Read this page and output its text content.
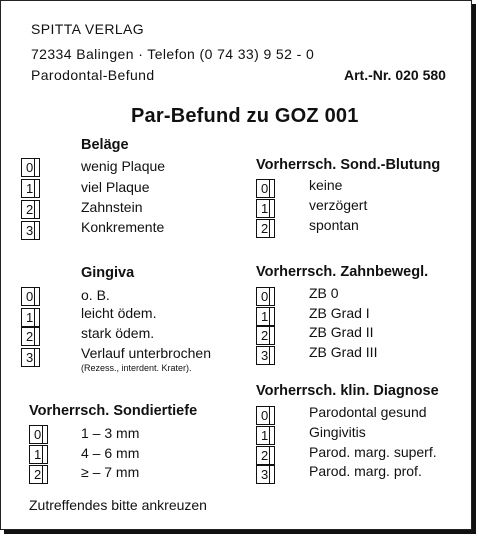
SPITTA VERLAG
72334 Balingen · Telefon (0 74 33) 9 52 - 0
Parodontal-Befund	Art.-Nr. 020 580
Par-Befund zu GOZ 001
Beläge
0	wenig Plaque
1	viel Plaque
2	Zahnstein
3	Konkremente
Gingiva
0	o. B.
1	leicht ödem.
2	stark ödem.
3	Verlauf unterbrochen
(Rezess., interdent. Krater).
Vorherrsch. Sondiertiefe
0	1 – 3 mm
1	4 – 6 mm
2	≥ – 7 mm
Vorherrsch. Sond.-Blutung
0	keine
1	verzögert
2	spontan
Vorherrsch. Zahnbewegl.
0	ZB 0
1	ZB Grad I
2	ZB Grad II
3	ZB Grad III
Vorherrsch. klin. Diagnose
0	Parodontal gesund
1	Gingivitis
2	Parod. marg. superf.
3	Parod. marg. prof.
Zutreffendes bitte ankreuzen
